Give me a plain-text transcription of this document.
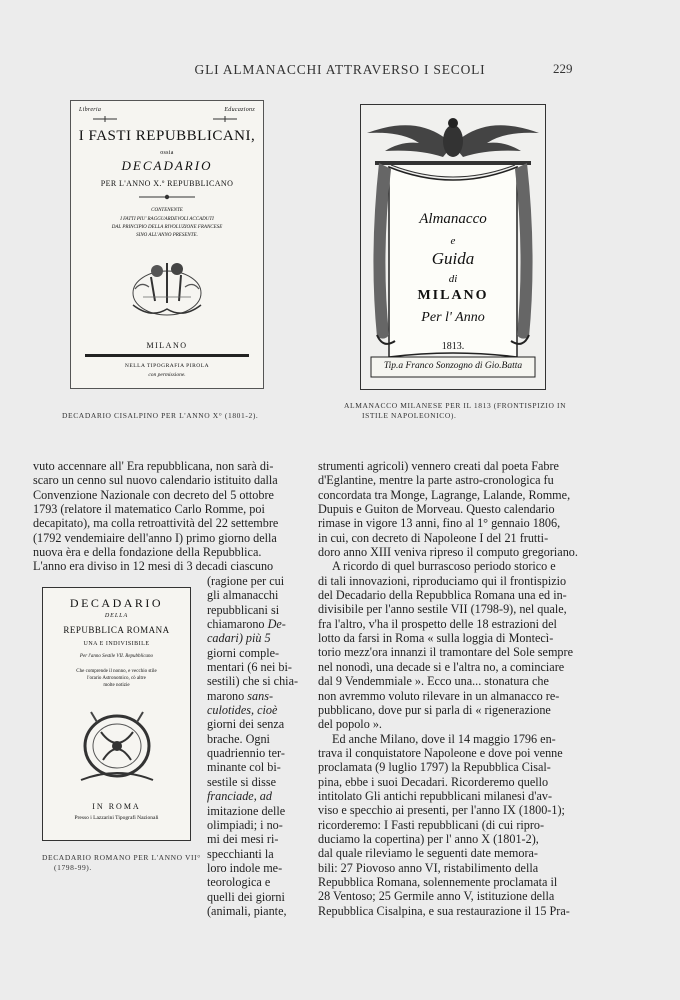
GLI ALMANACCHI ATTRAVERSO I SECOLI	229
Libreria	Educazionz
I FASTI REPUBBLICANI,
ossia
DECADARIO
PER L'ANNO X.º REPUBBLICANO
CONTENENTE
I FATTI PIU' RAGGUARDEVOLI ACCADUTI
DAL PRINCIPIO DELLA RIVOLUZIONE FRANCESE
SINO ALL'ANNO PRESENTE.
MILANO
NELLA TIPOGRAFIA PIROLA
con permissione.
DECADARIO CISALPINO PER L'ANNO X° (1801-2).
Almanacco
e
Guida
di
MILANO
Per l' Anno
1813.
Tip.a Franco Sonzogno di Gio.Batta
ALMANACCO MILANESE PER IL 1813 (FRONTISPIZIO IN
ISTILE NAPOLEONICO).
DECADARIO
DELLA
REPUBBLICA ROMANA
UNA E INDIVISIBILE
Per l'anno Sestile VII. Repubblicano
Che comprende il nonno, e vecchio stile
l'orario Astronomico, cò altre
molte notizie
IN ROMA
Presso i Lazzarini Tipografi Nazionali
DECADARIO ROMANO PER L'ANNO VII°
(1798-99).

vuto accennare all' Era repubblicana, non sarà di-

scaro un cenno sul nuovo calendario istituito dalla

Convenzione Nazionale con decreto del 5 ottobre

1793 (relatore il matematico Carlo Romme, poi

decapitato), ma colla retroattività del 22 settembre

(1792 vendemiaire dell'anno I) primo giorno della

nuova èra e della fondazione della Repubblica.

L'anno era diviso in 12 mesi di 3 decadi ciascuno

(ragione per cui

gli almanacchi

repubblicani si

chiamarono De-

cadari) più 5

giorni comple-

mentari (6 nei bi-

sestili) che si chia-

marono sans-

culotides, cioè

giorni dei senza

brache. Ogni

quadriennio ter-

minante col bi-

sestile si disse

franciade, ad

imitazione delle

olimpiadi; i no-

mi dei mesi ri-

specchianti la

loro indole me-

teorologica e

quelli dei giorni

(animali, piante,

strumenti agricoli) vennero creati dal poeta Fabre

d'Eglantine, mentre la parte astro-cronologica fu

concordata tra Monge, Lagrange, Lalande, Romme,

Dupuis e Guiton de Morveau. Questo calendario

rimase in vigore 13 anni, fino al 1° gennaio 1806,

in cui, con decreto di Napoleone I del 21 frutti-

doro anno XIII veniva ripreso il computo gregoriano.

A ricordo di quel burrascoso periodo storico e

di tali innovazioni, riproduciamo qui il frontispizio

del Decadario della Repubblica Romana una ed in-

divisibile per l'anno sestile VII (1798-9), nel quale,

fra l'altro, v'ha il prospetto delle 18 estrazioni del

lotto da farsi in Roma « sulla loggia di Montecì-

torio mezz'ora innanzi il tramontare del Sole sempre

nel nonodì, una decade si e l'altra no, a cominciare

dal 9 Vendemmiale ». Ecco una... stonatura che

non avremmo voluto rilevare in un almanacco re-

pubblicano, dove pur si parla di « rigenerazione

del popolo ».

Ed anche Milano, dove il 14 maggio 1796 en-

trava il conquistatore Napoleone e dove poi venne

proclamata (9 luglio 1797) la Repubblica Cisal-

pina, ebbe i suoi Decadari. Ricorderemo quello

intitolato Gli antichi repubblicani milanesi d'av-

viso e specchio ai presenti, per l'anno IX (1800-1);

ricorderemo: I Fasti repubblicani (di cui ripro-

duciamo la copertina) per l' anno X (1801-2),

dal quale rileviamo le seguenti date memora-

bili: 27 Piovoso anno VI, ristabilimento della

Repubblica Romana, solennemente proclamata il

28 Ventoso; 25 Germile anno V, istituzione della

Repubblica Cisalpina, e sua restaurazione il 15 Pra-
